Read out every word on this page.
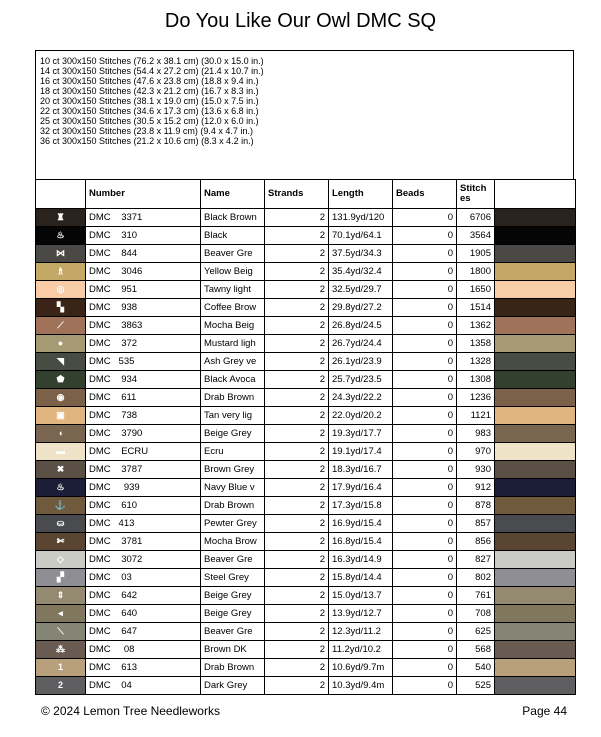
Do You Like Our Owl DMC SQ
10 ct 300x150 Stitches (76.2 x 38.1 cm) (30.0 x 15.0 in.)
14 ct 300x150 Stitches (54.4 x 27.2 cm) (21.4 x 10.7 in.)
16 ct 300x150 Stitches (47.6 x 23.8 cm) (18.8 x 9.4 in.)
18 ct 300x150 Stitches (42.3 x 21.2 cm) (16.7 x 8.3 in.)
20 ct 300x150 Stitches (38.1 x 19.0 cm) (15.0 x 7.5 in.)
22 ct 300x150 Stitches (34.6 x 17.3 cm) (13.6 x 6.8 in.)
25 ct 300x150 Stitches (30.5 x 15.2 cm) (12.0 x 6.0 in.)
32 ct 300x150 Stitches (23.8 x 11.9 cm) (9.4 x 4.7 in.)
36 ct 300x150 Stitches (21.2 x 10.6 cm) (8.3 x 4.2 in.)
	Number	Name	Strands	Length	Beads	Stitch es	
♜	DMC    3371	Black Brown	2	131.9yd/120	0	6706	
♨	DMC    310	Black	2	70.1yd/64.1	0	3564	
⋈	DMC    844	Beaver Gre	2	37.5yd/34.3	0	1905	
♗	DMC    3046	Yellow Beig	2	35.4yd/32.4	0	1800	
◎	DMC    951	Tawny light	2	32.5yd/29.7	0	1650	
▚	DMC    938	Coffee Brow	2	29.8yd/27.2	0	1514	
⟋	DMC    3863	Mocha Beig	2	26.8yd/24.5	0	1362	
●	DMC    372	Mustard ligh	2	26.7yd/24.4	0	1358	
◥	DMC   535	Ash Grey ve	2	26.1yd/23.9	0	1328	
⬟	DMC    934	Black Avoca	2	25.7yd/23.5	0	1308	
◉	DMC    611	Drab Brown	2	24.3yd/22.2	0	1236	
▣	DMC    738	Tan very lig	2	22.0yd/20.2	0	1121	
◖	DMC    3790	Beige Grey	2	19.3yd/17.7	0	983	
▬	DMC    ECRU	Ecru	2	19.1yd/17.4	0	970	
✖	DMC    3787	Brown Grey	2	18.3yd/16.7	0	930	
♨	DMC     939	Navy Blue v	2	17.9yd/16.4	0	912	
⚓	DMC    610	Drab Brown	2	17.3yd/15.8	0	878	
⛀	DMC   413	Pewter Grey	2	16.9yd/15.4	0	857	
✄	DMC    3781	Mocha Brow	2	16.8yd/15.4	0	856	
◇	DMC    3072	Beaver Gre	2	16.3yd/14.9	0	827	
▞	DMC    03	Steel Grey	2	15.8yd/14.4	0	802	
⇕	DMC    642	Beige Grey	2	15.0yd/13.7	0	761	
◂	DMC    640	Beige Grey	2	13.9yd/12.7	0	708	
⟍	DMC    647	Beaver Gre	2	12.3yd/11.2	0	625	
⁂	DMC     08	Brown DK	2	11.2yd/10.2	0	568	
1	DMC    613	Drab Brown	2	10.6yd/9.7m	0	540	
2	DMC    04	Dark Grey	2	10.3yd/9.4m	0	525	
© 2024 Lemon Tree Needleworks	Page 44
